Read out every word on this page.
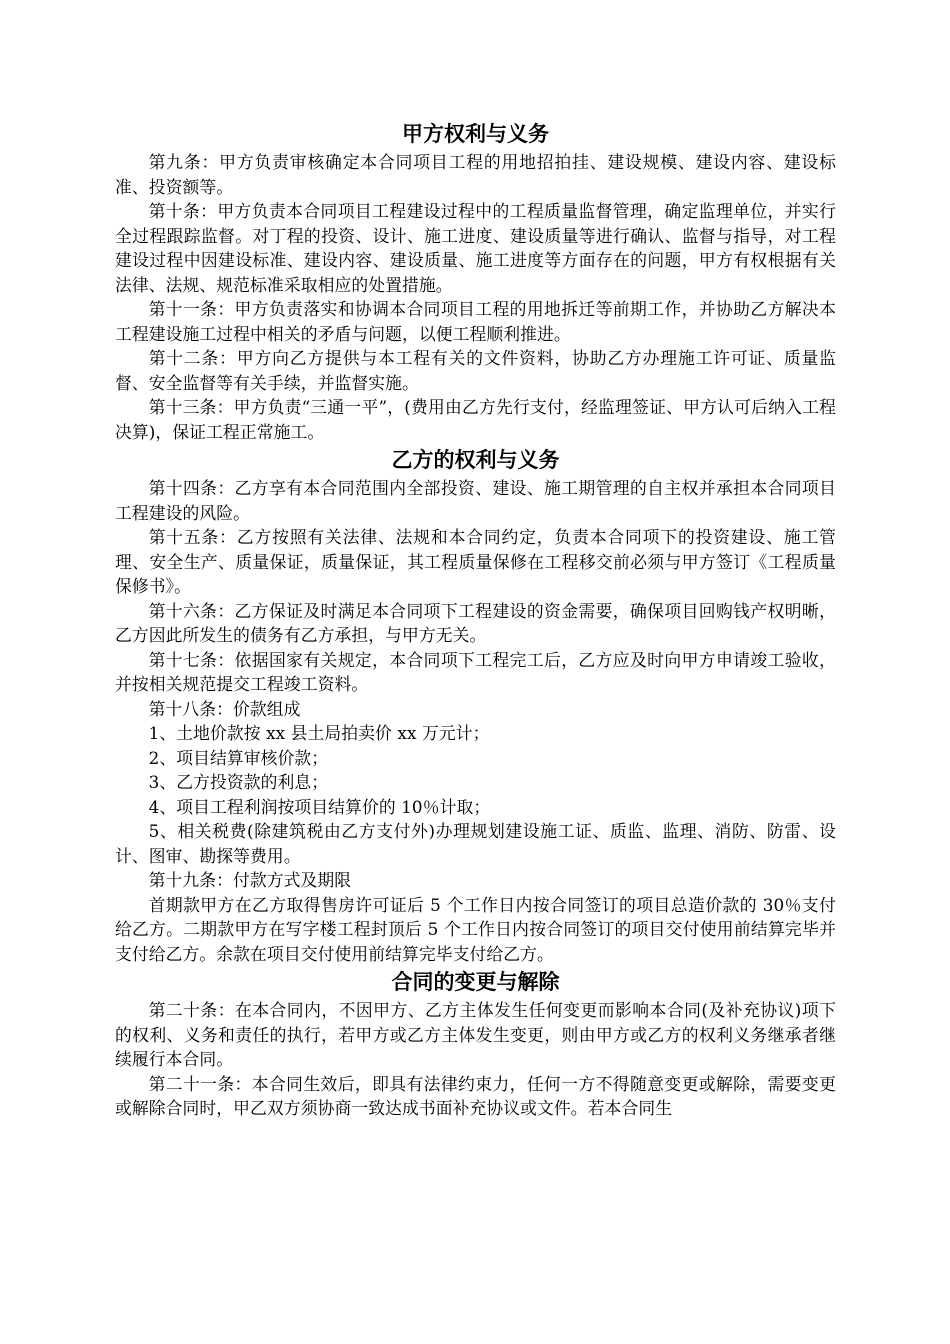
甲方权利与义务

第九条：甲方负责审核确定本合同项目工程的用地招拍挂、建设规模、建设内容、建设标准、投资额等。

第十条：甲方负责本合同项目工程建设过程中的工程质量监督管理，确定监理单位，并实行全过程跟踪监督。对丁程的投资、设计、施工进度、建设质量等进行确认、监督与指导，对工程建设过程中因建设标准、建设内容、建设质量、施工进度等方面存在的问题，甲方有权根据有关法律、法规、规范标准采取相应的处置措施。

第十一条：甲方负责落实和协调本合同项目工程的用地拆迁等前期工作，并协助乙方解决本工程建设施工过程中相关的矛盾与问题，以便工程顺利推进。

第十二条：甲方向乙方提供与本工程有关的文件资料，协助乙方办理施工许可证、质量监督、安全监督等有关手续，并监督实施。

第十三条：甲方负责“三通一平”，(费用由乙方先行支付，经监理签证、甲方认可后纳入工程决算)，保证工程正常施工。

乙方的权利与义务

第十四条：乙方享有本合同范围内全部投资、建设、施工期管理的自主权并承担本合同项目工程建设的风险。

第十五条：乙方按照有关法律、法规和本合同约定，负责本合同项下的投资建设、施工管理、安全生产、质量保证，质量保证，其工程质量保修在工程移交前必须与甲方签订《工程质量保修书》。

第十六条：乙方保证及时满足本合同项下工程建设的资金需要，确保项目回购钱产权明晰，乙方因此所发生的债务有乙方承担，与甲方无关。

第十七条：依据国家有关规定，本合同项下工程完工后，乙方应及时向甲方申请竣工验收，并按相关规范提交工程竣工资料。

第十八条：价款组成

1、土地价款按 xx 县土局拍卖价 xx 万元计；

2、项目结算审核价款；

3、乙方投资款的利息；

4、项目工程利润按项目结算价的 10％计取；

5、相关税费(除建筑税由乙方支付外)办理规划建设施工证、质监、监理、消防、防雷、设计、图审、勘探等费用。

第十九条：付款方式及期限

首期款甲方在乙方取得售房许可证后 5 个工作日内按合同签订的项目总造价款的 30％支付给乙方。二期款甲方在写字楼工程封顶后 5 个工作日内按合同签订的项目交付使用前结算完毕并支付给乙方。余款在项目交付使用前结算完毕支付给乙方。

合同的变更与解除

第二十条：在本合同内，不因甲方、乙方主体发生任何变更而影响本合同(及补充协议)项下的权利、义务和责任的执行，若甲方或乙方主体发生变更，则由甲方或乙方的权利义务继承者继续履行本合同。

第二十一条：本合同生效后，即具有法律约束力，任何一方不得随意变更或解除，需要变更或解除合同时，甲乙双方须协商一致达成书面补充协议或文件。若本合同生
